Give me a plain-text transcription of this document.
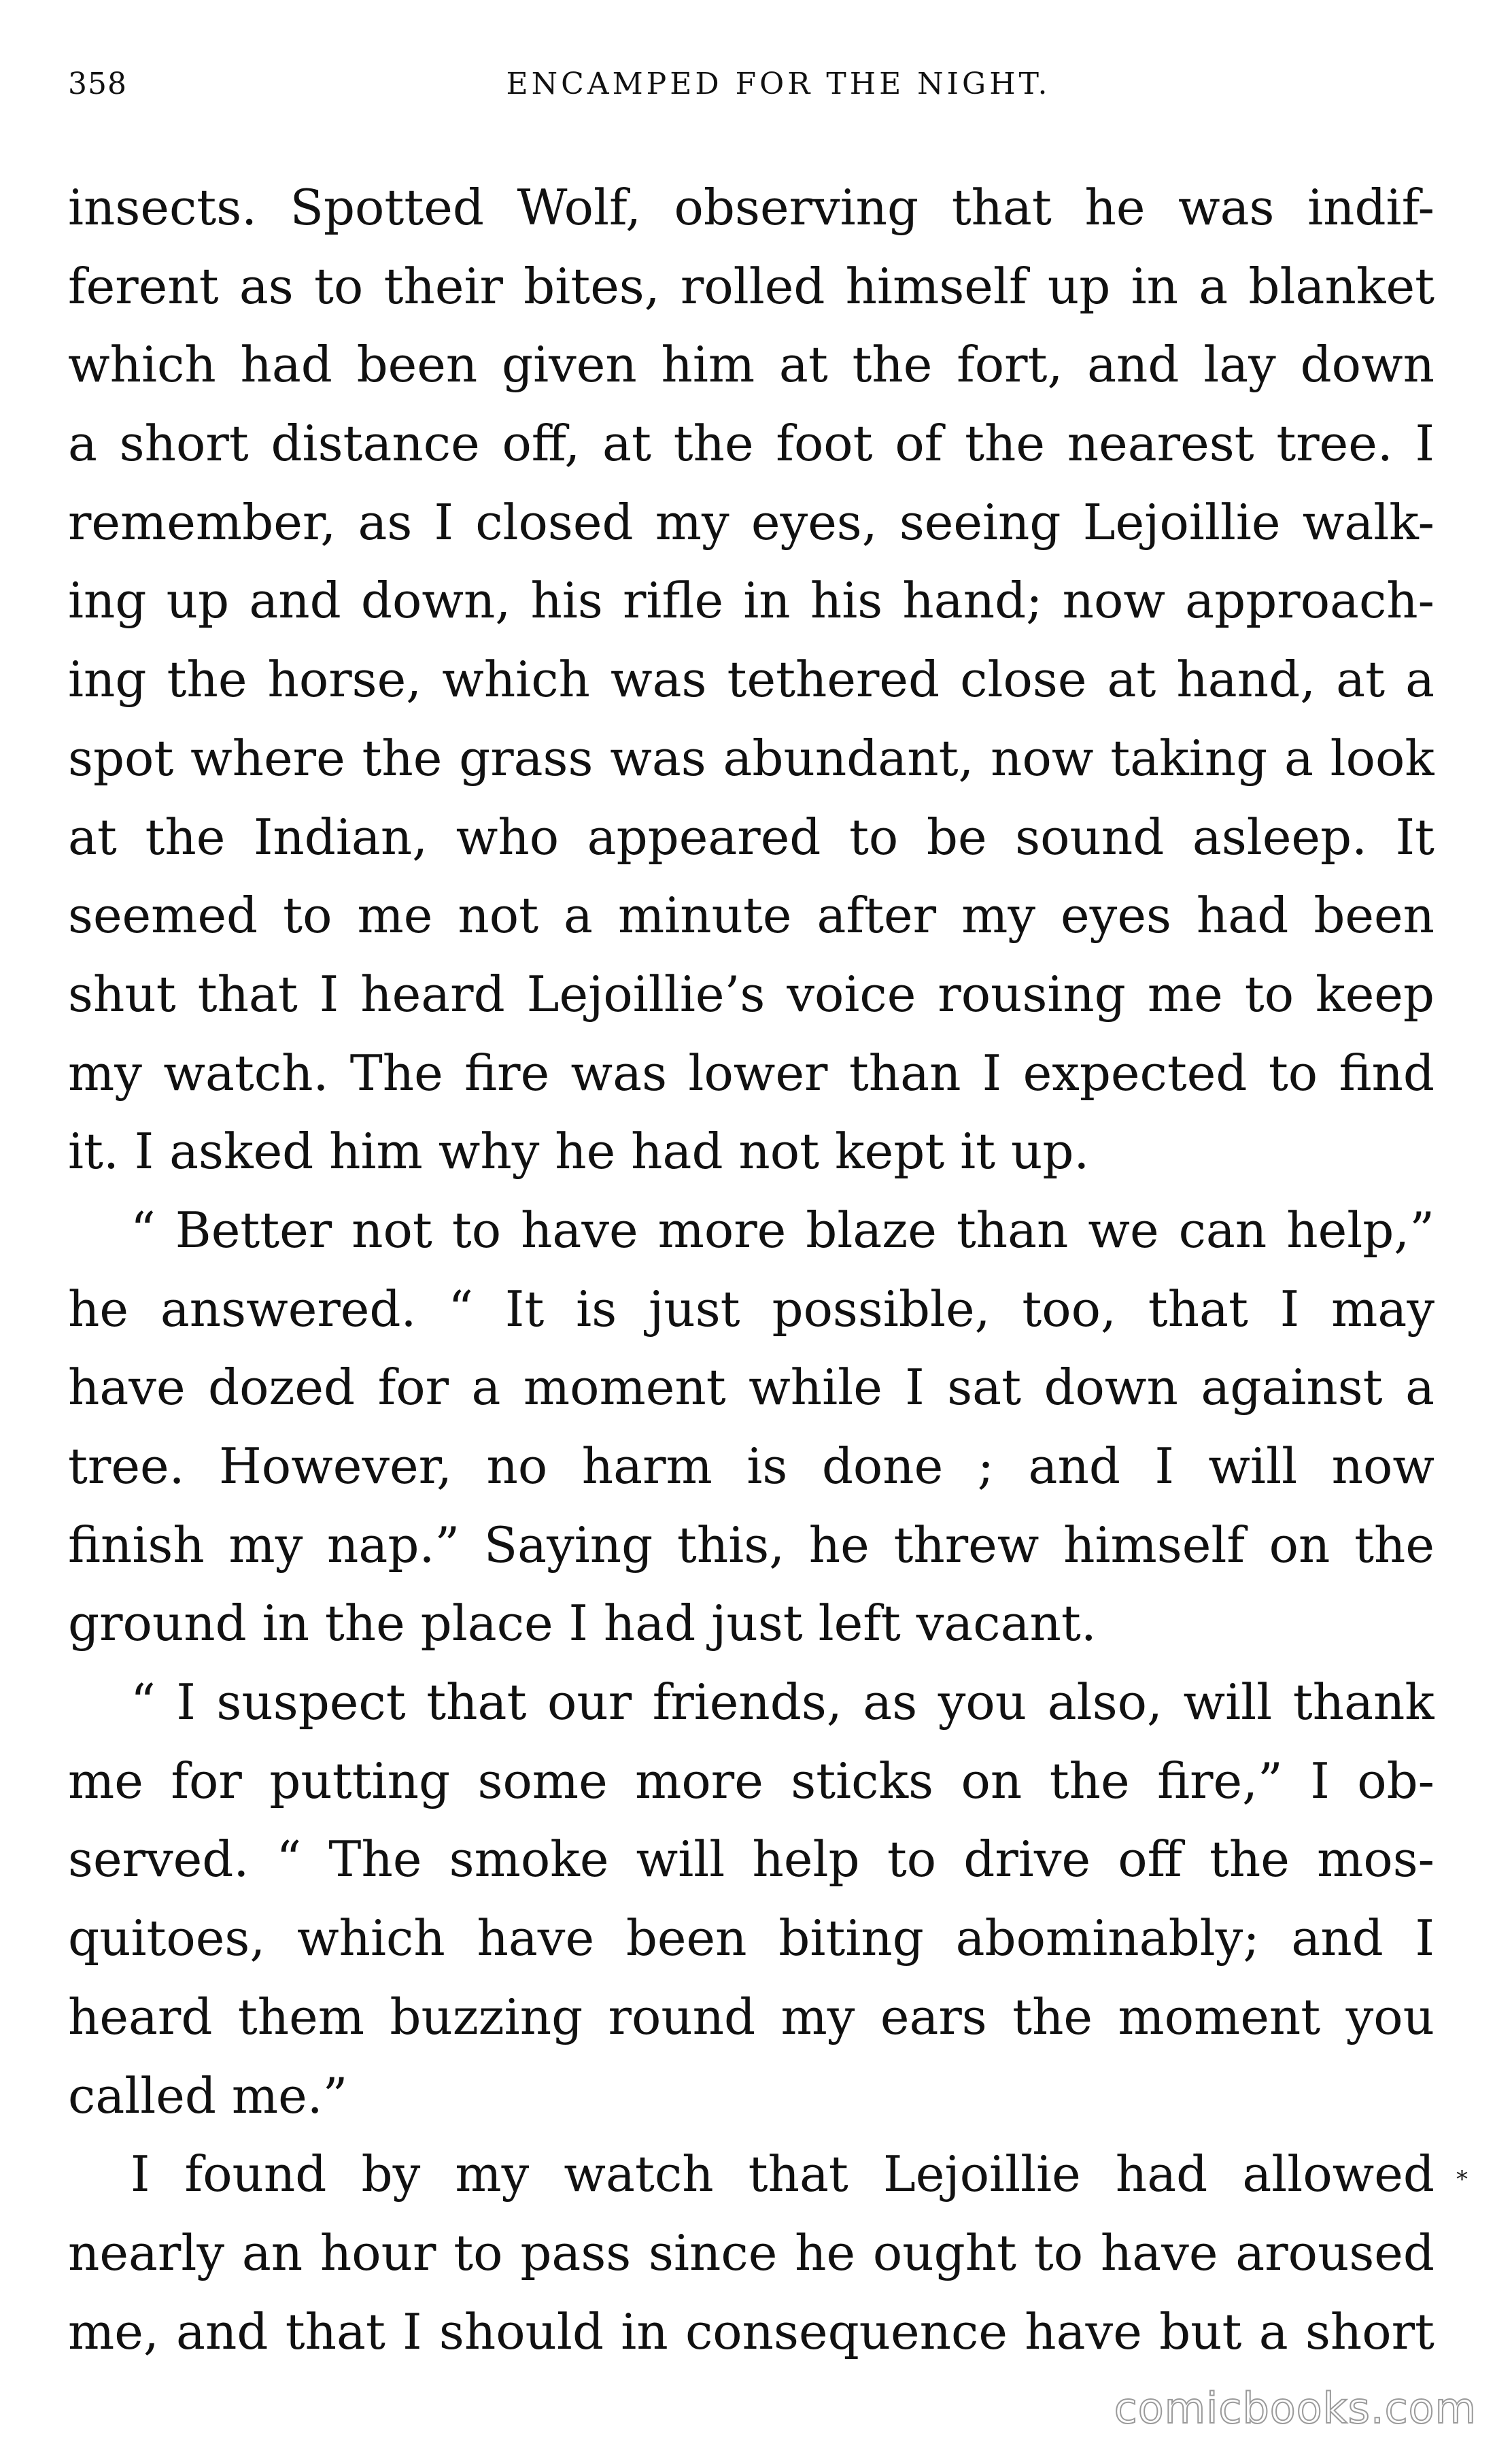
358	ENCAMPED FOR THE NIGHT.
insects. Spotted Wolf, observing that he was indif-
ferent as to their bites, rolled himself up in a blanket
which had been given him at the fort, and lay down
a short distance off, at the foot of the nearest tree. I
remember, as I closed my eyes, seeing Lejoillie walk-
ing up and down, his rifle in his hand; now approach-
ing the horse, which was tethered close at hand, at a
spot where the grass was abundant, now taking a look
at the Indian, who appeared to be sound asleep. It
seemed to me not a minute after my eyes had been
shut that I heard Lejoillie’s voice rousing me to keep
my watch. The fire was lower than I expected to find
it. I asked him why he had not kept it up.
“ Better not to have more blaze than we can help,”
he answered. “ It is just possible, too, that I may
have dozed for a moment while I sat down against a
tree. However, no harm is done ; and I will now
finish my nap.” Saying this, he threw himself on the
ground in the place I had just left vacant.
“ I suspect that our friends, as you also, will thank
me for putting some more sticks on the fire,” I ob-
served. “ The smoke will help to drive off the mos-
quitoes, which have been biting abominably; and I
heard them buzzing round my ears the moment you
called me.”
I found by my watch that Lejoillie had allowed
nearly an hour to pass since he ought to have aroused
me, and that I should in consequence have but a short
*
comicbooks.com
